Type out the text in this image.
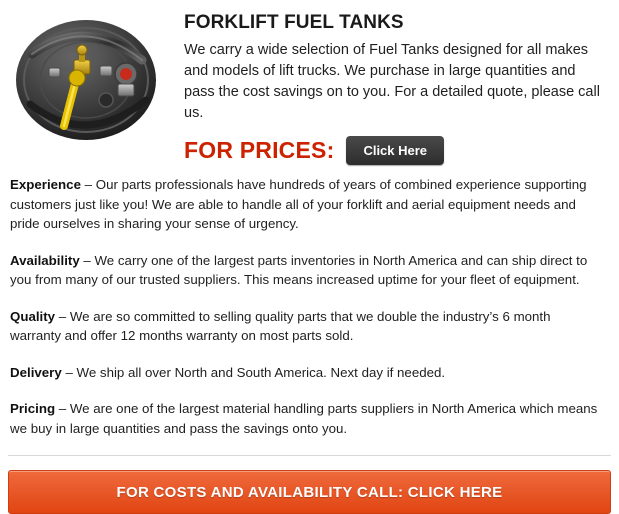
FORKLIFT FUEL TANKS

We carry a wide selection of Fuel Tanks designed for all makes and models of lift trucks. We purchase in large quantities and pass the cost savings on to you. For a detailed quote, please call us.

FOR PRICES:	Click Here

Experience – Our parts professionals have hundreds of years of combined experience supporting customers just like you! We are able to handle all of your forklift and aerial equipment needs and pride ourselves in sharing your sense of urgency.

Availability – We carry one of the largest parts inventories in North America and can ship direct to you from many of our trusted suppliers. This means increased uptime for your fleet of equipment.

Quality – We are so committed to selling quality parts that we double the industry’s 6 month warranty and offer 12 months warranty on most parts sold.

Delivery – We ship all over North and South America. Next day if needed.

Pricing – We are one of the largest material handling parts suppliers in North America which means we buy in large quantities and pass the savings onto you.

FOR COSTS AND AVAILABILITY CALL: CLICK HERE
